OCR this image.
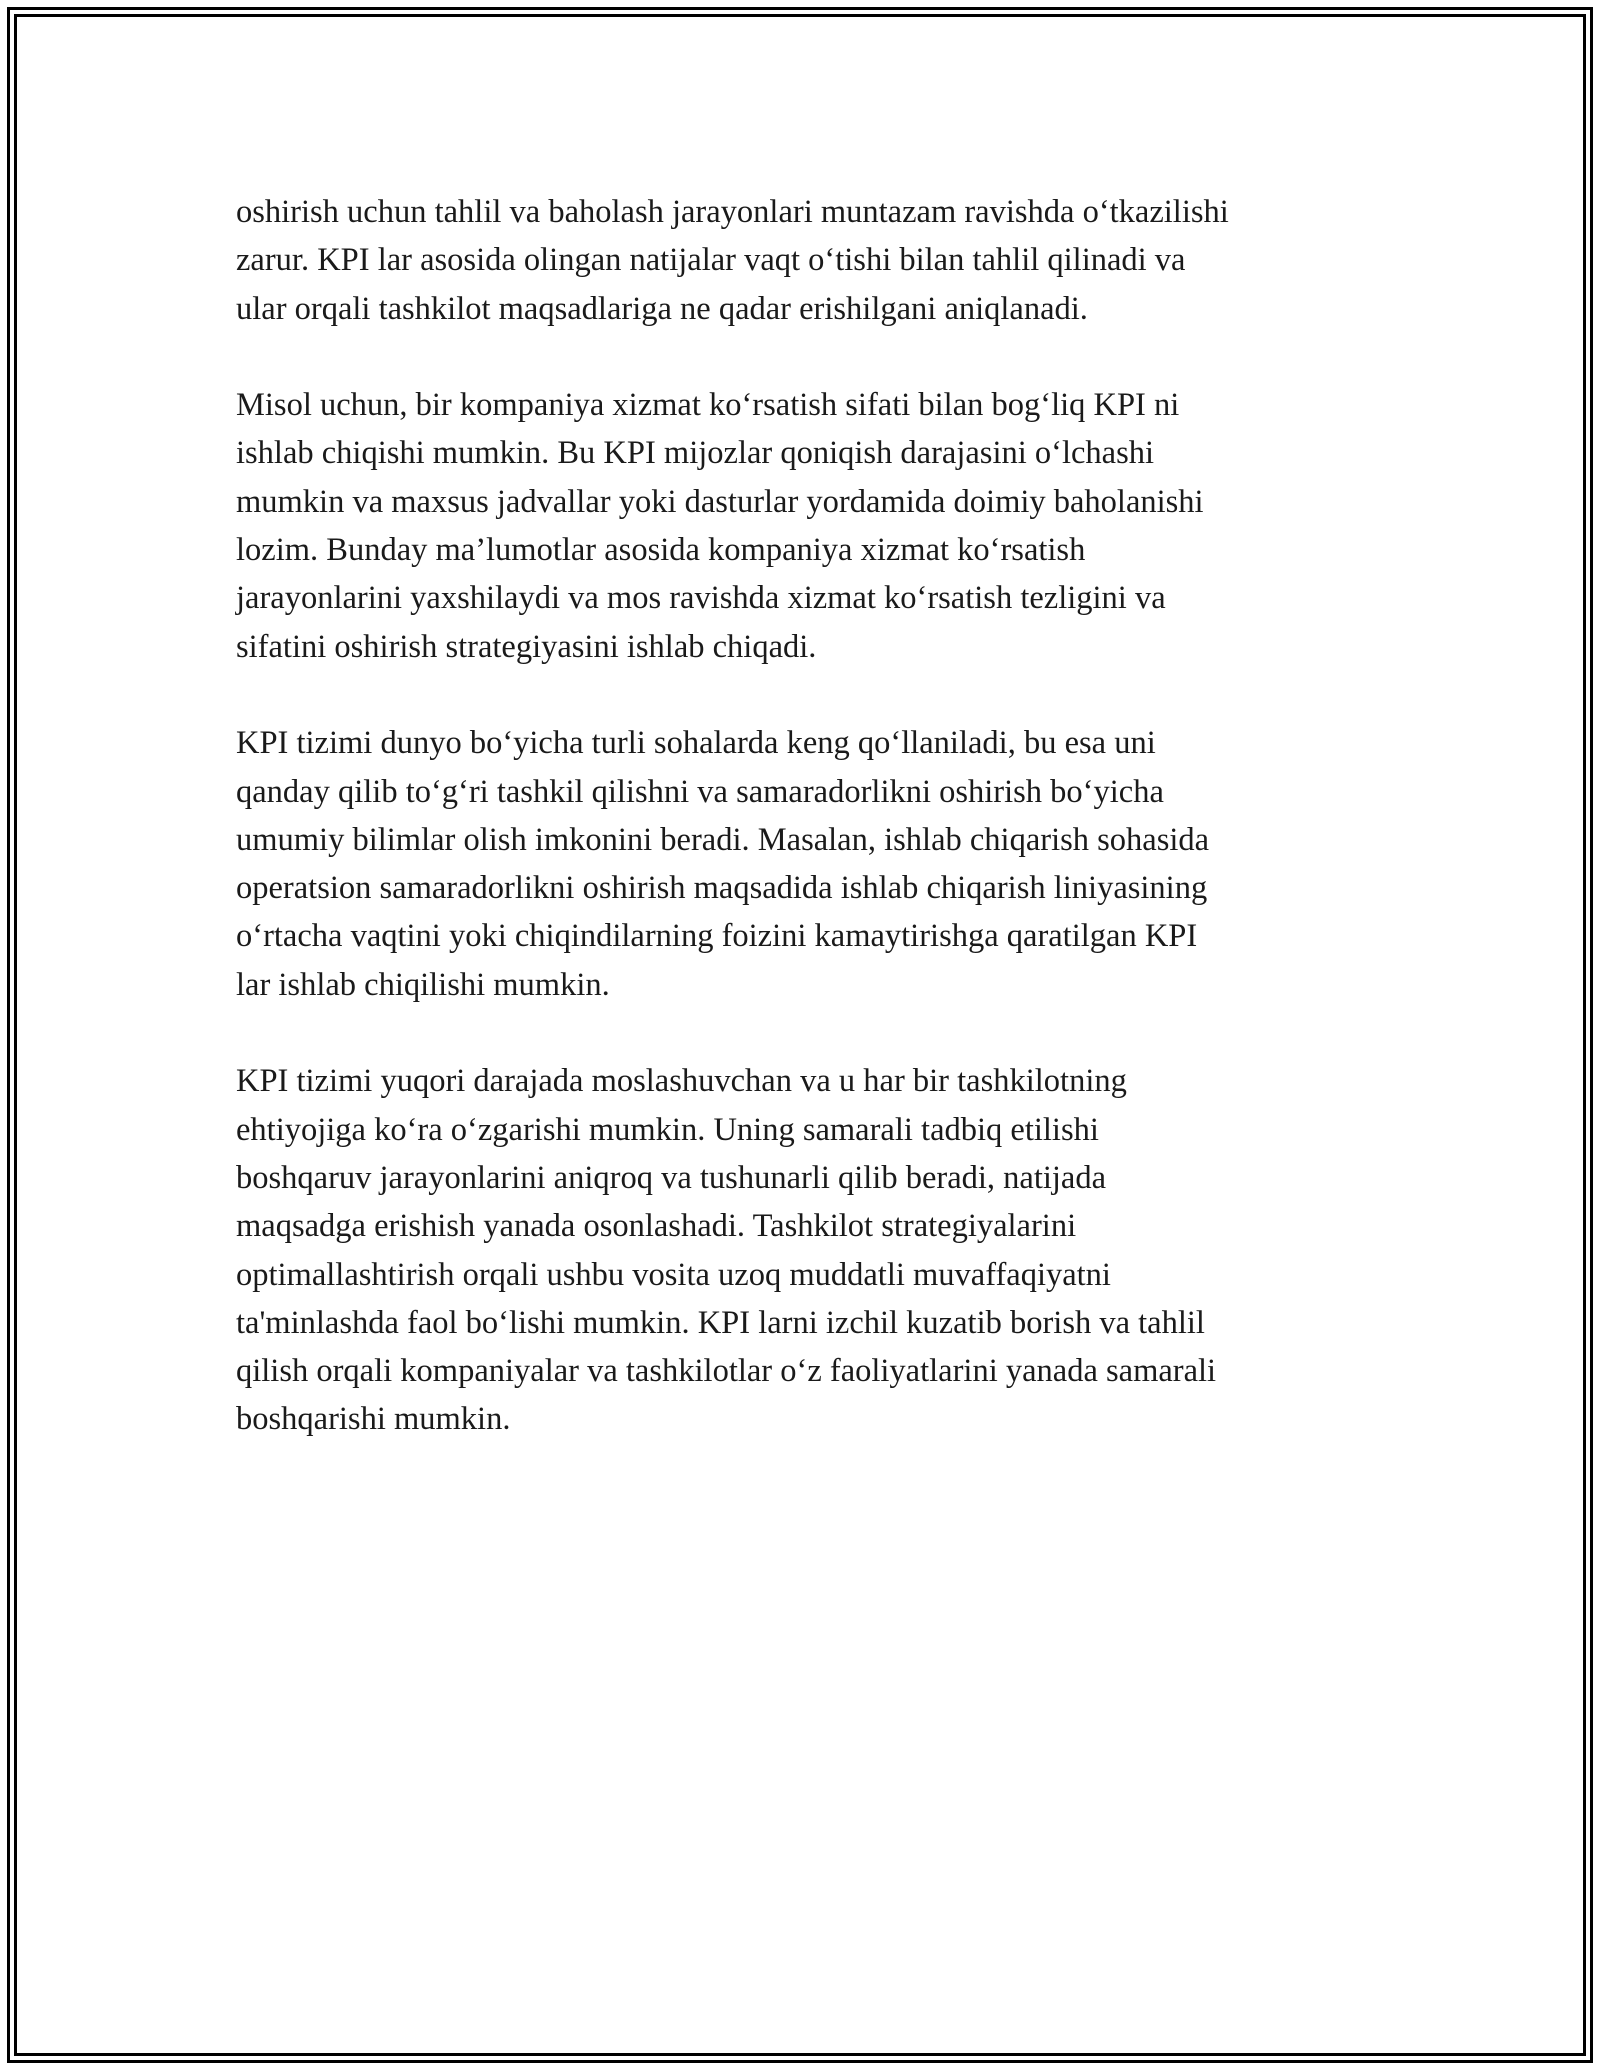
oshirish uchun tahlil va baholash jarayonlari muntazam ravishda o‘tkazilishi
zarur. KPI lar asosida olingan natijalar vaqt o‘tishi bilan tahlil qilinadi va
ular orqali tashkilot maqsadlariga ne qadar erishilgani aniqlanadi.

Misol uchun, bir kompaniya xizmat ko‘rsatish sifati bilan bog‘liq KPI ni
ishlab chiqishi mumkin. Bu KPI mijozlar qoniqish darajasini o‘lchashi
mumkin va maxsus jadvallar yoki dasturlar yordamida doimiy baholanishi
lozim. Bunday ma’lumotlar asosida kompaniya xizmat ko‘rsatish
jarayonlarini yaxshilaydi va mos ravishda xizmat ko‘rsatish tezligini va
sifatini oshirish strategiyasini ishlab chiqadi.

KPI tizimi dunyo bo‘yicha turli sohalarda keng qo‘llaniladi, bu esa uni
qanday qilib to‘g‘ri tashkil qilishni va samaradorlikni oshirish bo‘yicha
umumiy bilimlar olish imkonini beradi. Masalan, ishlab chiqarish sohasida
operatsion samaradorlikni oshirish maqsadida ishlab chiqarish liniyasining
o‘rtacha vaqtini yoki chiqindilarning foizini kamaytirishga qaratilgan KPI
lar ishlab chiqilishi mumkin.

KPI tizimi yuqori darajada moslashuvchan va u har bir tashkilotning
ehtiyojiga ko‘ra o‘zgarishi mumkin. Uning samarali tadbiq etilishi
boshqaruv jarayonlarini aniqroq va tushunarli qilib beradi, natijada
maqsadga erishish yanada osonlashadi. Tashkilot strategiyalarini
optimallashtirish orqali ushbu vosita uzoq muddatli muvaffaqiyatni
ta'minlashda faol bo‘lishi mumkin. KPI larni izchil kuzatib borish va tahlil
qilish orqali kompaniyalar va tashkilotlar o‘z faoliyatlarini yanada samarali
boshqarishi mumkin.
